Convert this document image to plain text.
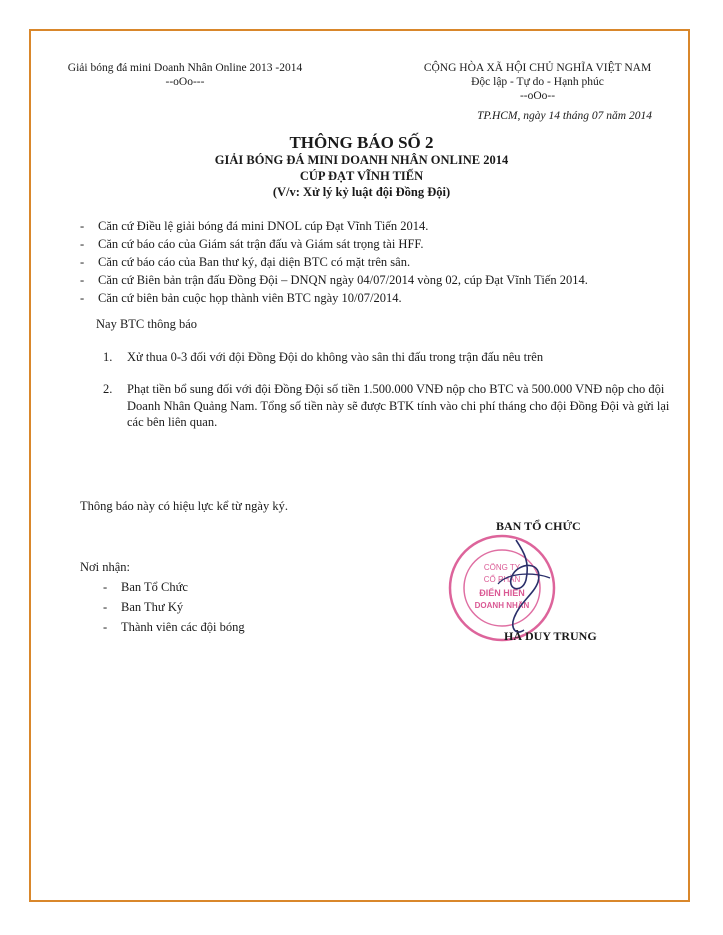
Giải bóng đá mini Doanh Nhân Online 2013 -2014
--oOo---
CỘNG HÒA XÃ HỘI CHỦ NGHĨA VIỆT NAM
Độc lập - Tự do - Hạnh phúc
--oOo--
TP.HCM, ngày 14 tháng 07 năm 2014
THÔNG BÁO SỐ 2
GIẢI BÓNG ĐÁ MINI DOANH NHÂN ONLINE 2014
CÚP ĐẠT VĨNH TIẾN
(V/v: Xử lý kỷ luật đội Đồng Đội)
- Căn cứ Điều lệ giải bóng đá mini DNOL cúp Đạt Vĩnh Tiến 2014.
- Căn cứ báo cáo của Giám sát trận đấu và Giám sát trọng tài HFF.
- Căn cứ báo cáo của Ban thư ký, đại diện BTC có mặt trên sân.
- Căn cứ Biên bản trận đấu Đồng Đội – DNQN ngày 04/07/2014 vòng 02, cúp Đạt Vĩnh Tiến 2014.
- Căn cứ biên bản cuộc họp thành viên BTC ngày 10/07/2014.
Nay BTC thông báo
1. Xử thua 0-3 đối với đội Đồng Đội do không vào sân thi đấu trong trận đấu nêu trên
2. Phạt tiền bổ sung đối với đội Đồng Đội số tiền 1.500.000 VNĐ nộp cho BTC và 500.000 VNĐ nộp cho đội Doanh Nhân Quảng Nam. Tổng số tiền này sẽ được BTK tính vào chi phí tháng cho đội Đồng Đội và gửi lại các bên liên quan.
Thông báo này có hiệu lực kể từ ngày ký.
BAN TỔ CHỨC
CÔNG TY
CỔ PHẦN
ĐIỂN HIỀN
DOANH NHÂN
HÀ DUY TRUNG
Nơi nhận:
- Ban Tổ Chức
- Ban Thư Ký
- Thành viên các đội bóng
